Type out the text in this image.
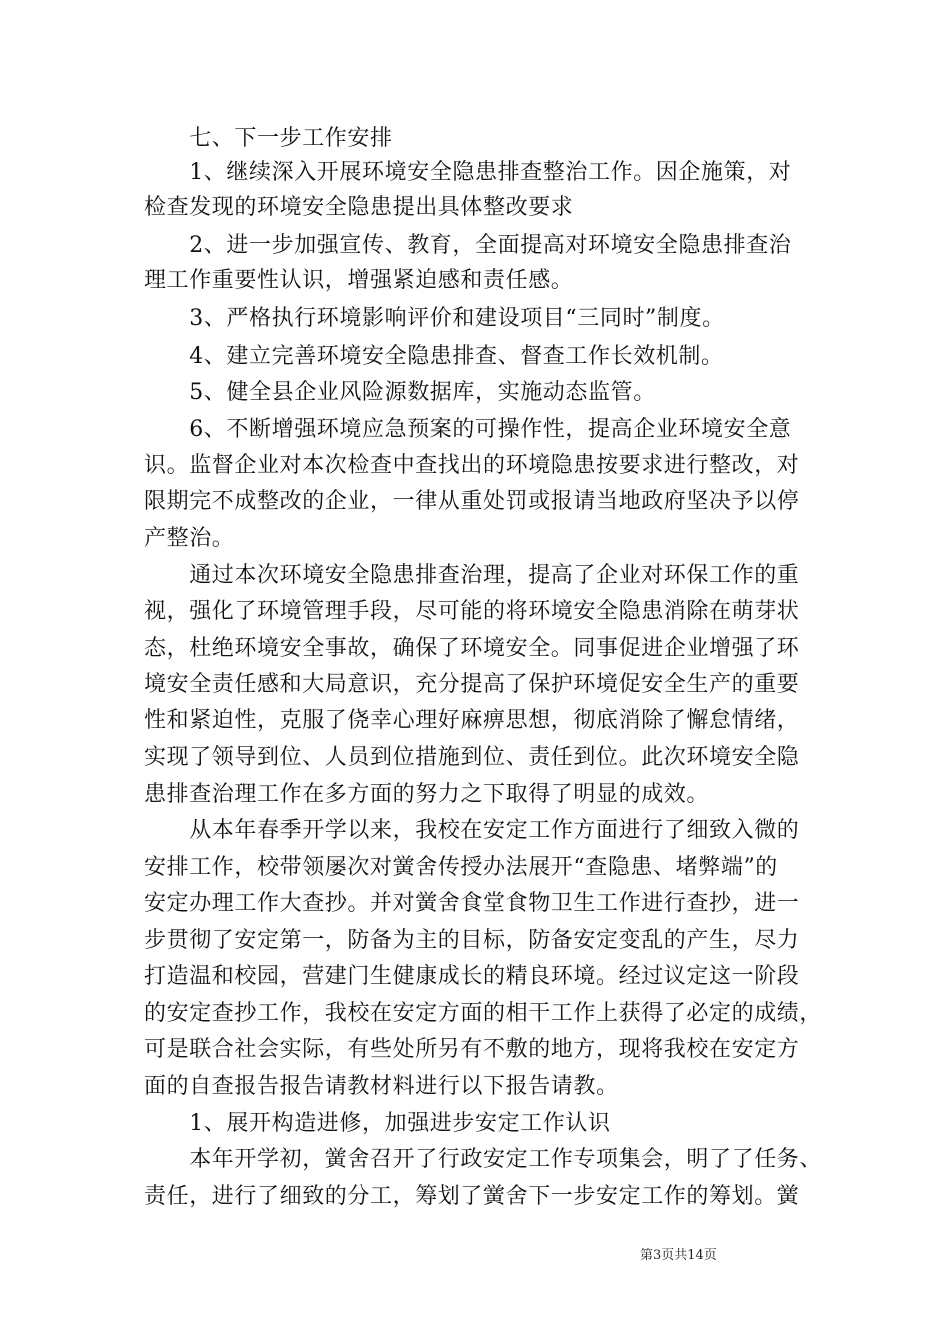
　　七、下一步工作安排
　　1、继续深入开展环境安全隐患排查整治工作。因企施策，对
检查发现的环境安全隐患提出具体整改要求
　　2、进一步加强宣传、教育，全面提高对环境安全隐患排查治
理工作重要性认识，增强紧迫感和责任感。
　　3、严格执行环境影响评价和建设项目“三同时”制度。
　　4、建立完善环境安全隐患排查、督查工作长效机制。
　　5、健全县企业风险源数据库，实施动态监管。
　　6、不断增强环境应急预案的可操作性，提高企业环境安全意
识。监督企业对本次检查中查找出的环境隐患按要求进行整改，对
限期完不成整改的企业，一律从重处罚或报请当地政府坚决予以停
产整治。
　　通过本次环境安全隐患排查治理，提高了企业对环保工作的重
视，强化了环境管理手段，尽可能的将环境安全隐患消除在萌芽状
态，杜绝环境安全事故，确保了环境安全。同事促进企业增强了环
境安全责任感和大局意识，充分提高了保护环境促安全生产的重要
性和紧迫性，克服了侥幸心理好麻痹思想，彻底消除了懈怠情绪，
实现了领导到位、人员到位措施到位、责任到位。此次环境安全隐
患排查治理工作在多方面的努力之下取得了明显的成效。
　　从本年春季开学以来，我校在安定工作方面进行了细致入微的
安排工作，校带领屡次对黉舍传授办法展开“查隐患、堵弊端”的
安定办理工作大查抄。并对黉舍食堂食物卫生工作进行查抄，进一
步贯彻了安定第一，防备为主的目标，防备安定变乱的产生，尽力
打造温和校园，营建门生健康成长的精良环境。经过议定这一阶段
的安定查抄工作，我校在安定方面的相干工作上获得了必定的成绩，
可是联合社会实际，有些处所另有不敷的地方，现将我校在安定方
面的自查报告报告请教材料进行以下报告请教。
　　1、展开构造进修，加强进步安定工作认识
　　本年开学初，黉舍召开了行政安定工作专项集会，明了了任务、
责任，进行了细致的分工，筹划了黉舍下一步安定工作的筹划。黉
第3页共14页
